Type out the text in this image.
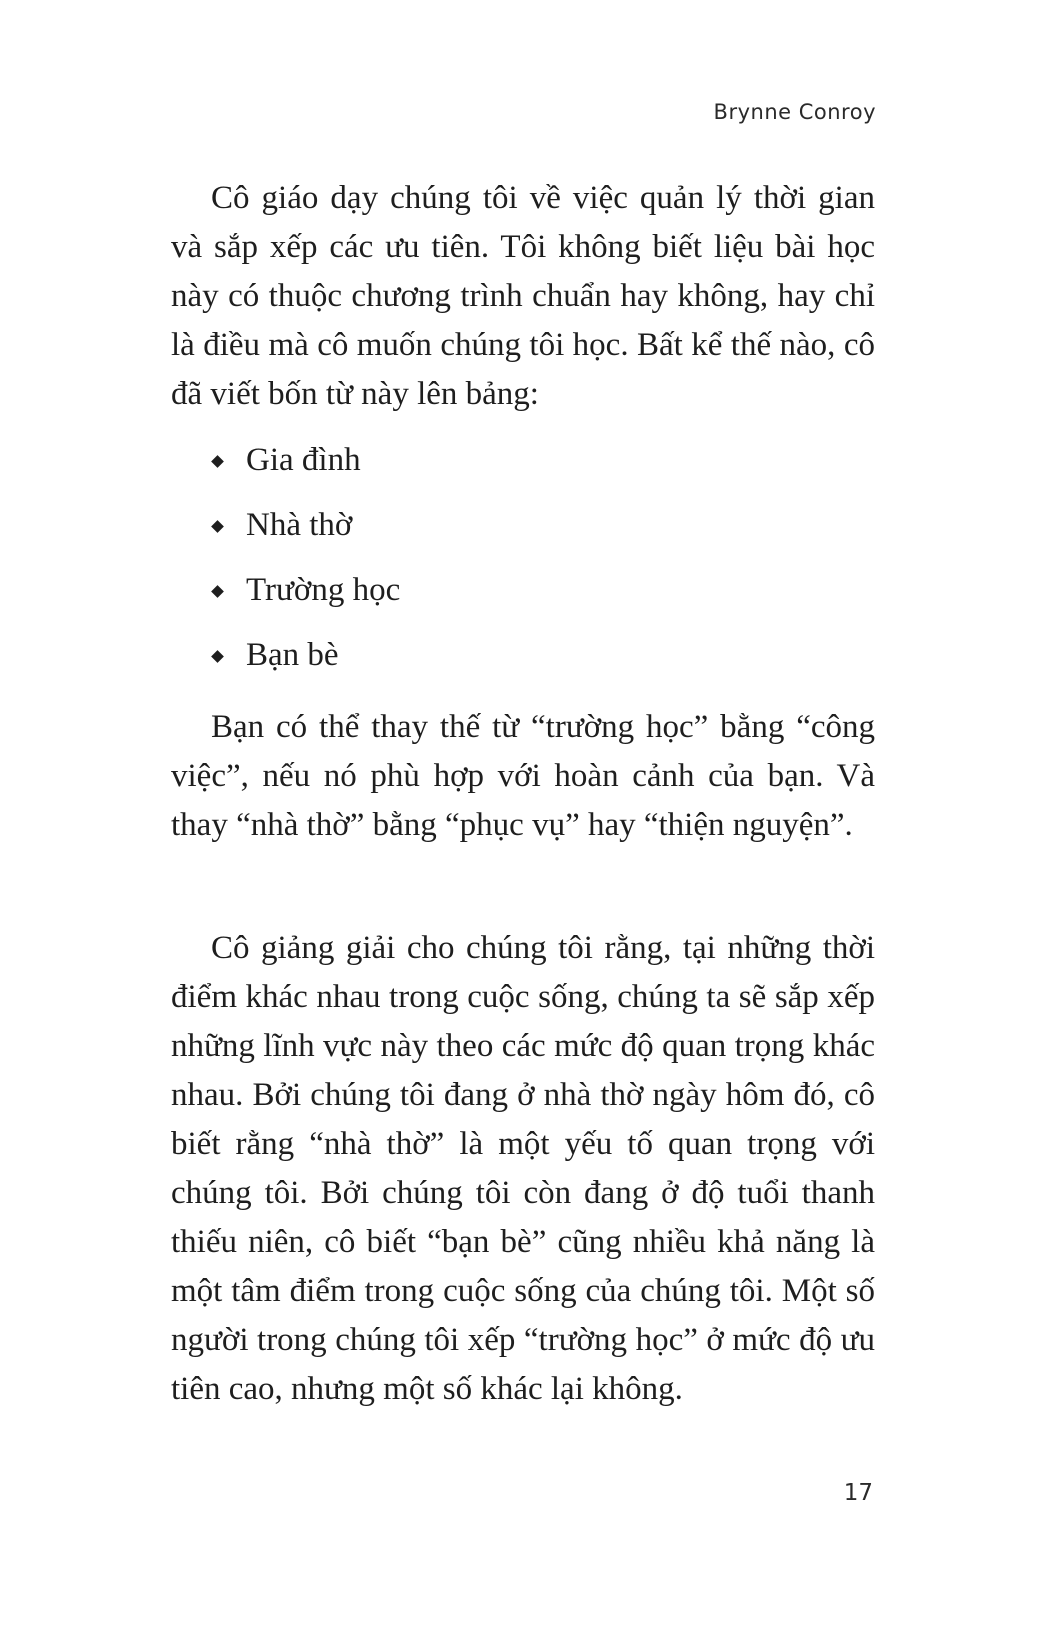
Brynne Conroy

Cô giáo dạy chúng tôi về việc quản lý thời gian và sắp xếp các ưu tiên. Tôi không biết liệu bài học này có thuộc chương trình chuẩn hay không, hay chỉ là điều mà cô muốn chúng tôi học. Bất kể thế nào, cô đã viết bốn từ này lên bảng:

Gia đình
Nhà thờ
Trường học
Bạn bè

Bạn có thể thay thế từ “trường học” bằng “công việc”, nếu nó phù hợp với hoàn cảnh của bạn. Và thay “nhà thờ” bằng “phục vụ” hay “thiện nguyện”.

Cô giảng giải cho chúng tôi rằng, tại những thời điểm khác nhau trong cuộc sống, chúng ta sẽ sắp xếp những lĩnh vực này theo các mức độ quan trọng khác nhau. Bởi chúng tôi đang ở nhà thờ ngày hôm đó, cô biết rằng “nhà thờ” là một yếu tố quan trọng với chúng tôi. Bởi chúng tôi còn đang ở độ tuổi thanh thiếu niên, cô biết “bạn bè” cũng nhiều khả năng là một tâm điểm trong cuộc sống của chúng tôi. Một số người trong chúng tôi xếp “trường học” ở mức độ ưu tiên cao, nhưng một số khác lại không.

17
